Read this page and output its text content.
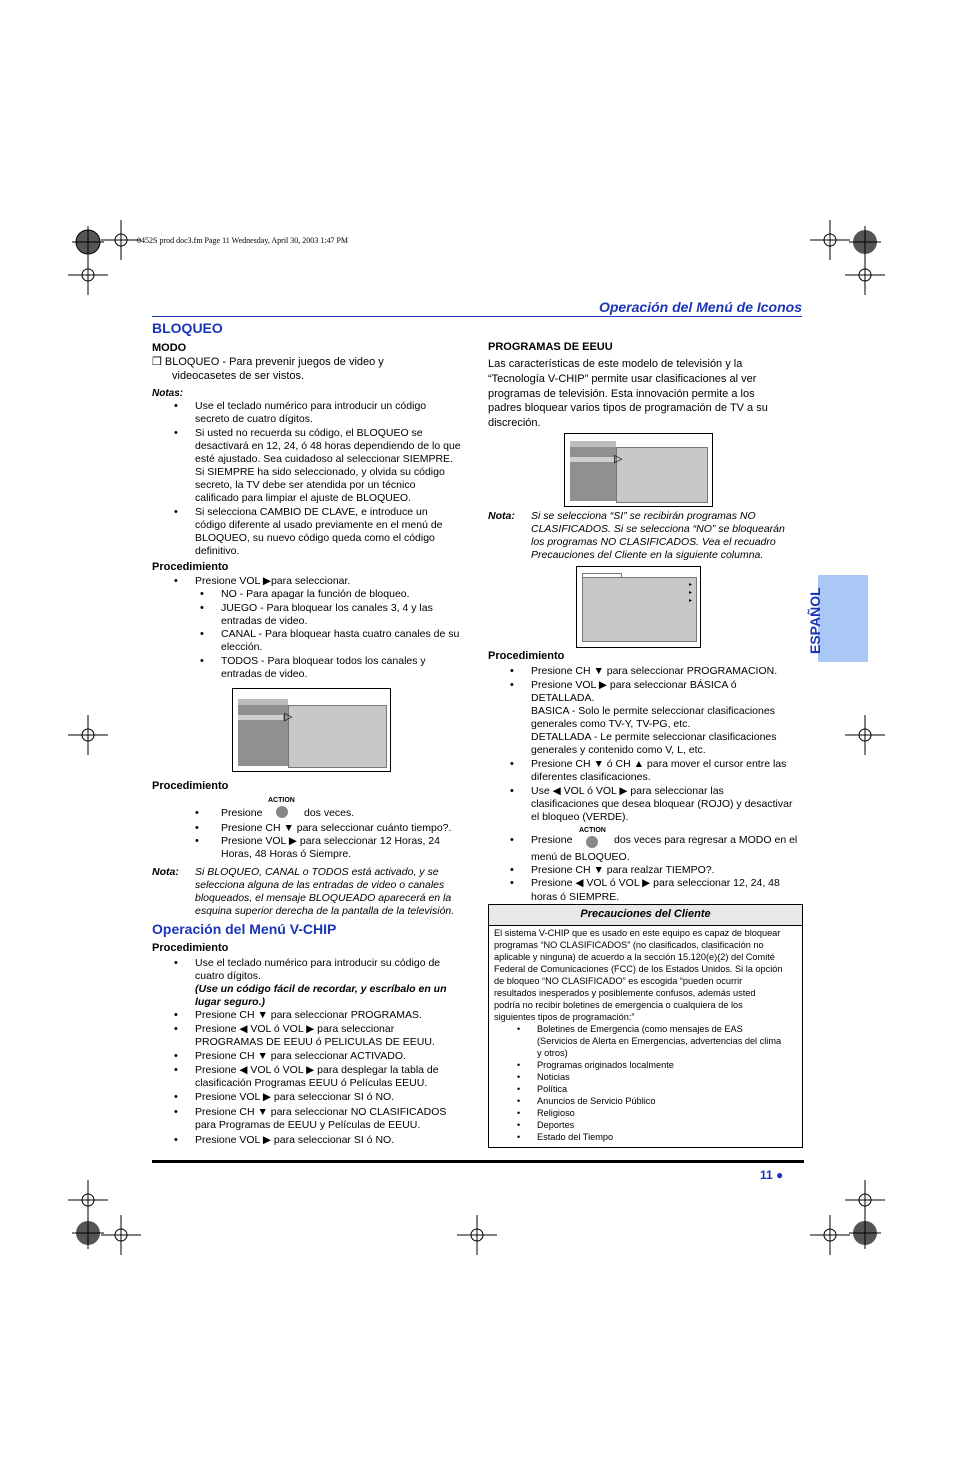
0452S prod doc3.fm Page 11 Wednesday, April 30, 2003 1:47 PM
Operación del Menú de Iconos
ESPAÑOL
BLOQUEO
MODO
❒ BLOQUEO - Para prevenir juegos de video y
videocasetes de ser vistos.
Notas:
• Use el teclado numérico para introducir un código
secreto de cuatro dígitos.
• Si usted no recuerda su código, el BLOQUEO se
desactivará en 12, 24, ó 48 horas dependiendo de lo que
esté ajustado. Sea cuidadoso al seleccionar SIEMPRE.
Si SIEMPRE ha sido seleccionado, y olvida su código
secreto, la TV debe ser atendida por un técnico
calificado para limpiar el ajuste de BLOQUEO.
• Si selecciona CAMBIO DE CLAVE, e introduce un
código diferente al usado previamente en el menú de
BLOQUEO, su nuevo código queda como el código
definitivo.
Procedimiento
• Presione VOL ▶para seleccionar.
• NO - Para apagar la función de bloqueo.
• JUEGO - Para bloquear los canales 3, 4 y las
entradas de video.
• CANAL - Para bloquear hasta cuatro canales de su
elección.
• TODOS - Para bloquear todos los canales y
entradas de video.
▷
Procedimiento
ACTION
• Presione	dos veces.
• Presione CH ▼ para seleccionar cuánto tiempo?.
• Presione VOL ▶ para seleccionar 12 Horas, 24
Horas, 48 Horas ó Siempre.
Nota: Si BLOQUEO, CANAL o TODOS está activado, y se
selecciona alguna de las entradas de video o canales
bloqueados, el mensaje BLOQUEADO aparecerá en la
esquina superior derecha de la pantalla de la televisión.
Operación del Menú V-CHIP
Procedimiento
• Use el teclado numérico para introducir su código de
cuatro dígitos.
(Use un código fácil de recordar, y escríbalo en un
lugar seguro.)
• Presione CH ▼ para seleccionar PROGRAMAS.
• Presione ◀ VOL ó VOL ▶ para seleccionar
PROGRAMAS DE EEUU ó PELICULAS DE EEUU.
• Presione CH ▼ para seleccionar ACTIVADO.
• Presione ◀ VOL ó VOL ▶ para desplegar la tabla de
clasificación Programas EEUU ó Películas EEUU.
• Presione VOL ▶ para seleccionar SI ó NO.
• Presione CH ▼ para seleccionar NO CLASIFICADOS
para Programas de EEUU y Películas de EEUU.
• Presione VOL ▶ para seleccionar SI ó NO.
PROGRAMAS DE EEUU
Las características de este modelo de televisión y la
“Tecnología V-CHIP” permite usar clasificaciones al ver
programas de televisión. Esta innovación permite a los
padres bloquear varios tipos de programación de TV a su
discreción.
▷
Nota: Si se selecciona “SI” se recibirán programas NO
CLASIFICADOS. Si se selecciona “NO” se bloquearán
los programas NO CLASIFICADOS. Vea el recuadro
Precauciones del Cliente en la siguiente columna.
▸
▸
▸
Procedimiento
• Presione CH ▼ para seleccionar PROGRAMACION.
• Presione VOL ▶ para seleccionar BÁSICA ó
DETALLADA.
BASICA - Solo le permite seleccionar clasificaciones
generales como TV-Y, TV-PG, etc.
DETALLADA - Le permite seleccionar clasificaciones
generales y contenido como V, L, etc.
• Presione CH ▼ ó CH ▲ para mover el cursor entre las
diferentes clasificaciones.
• Use ◀ VOL ó VOL ▶ para seleccionar las
clasificaciones que desea bloquear (ROJO) y desactivar
el bloqueo (VERDE).
ACTION
• Presione	dos veces para regresar a MODO en el
menú de BLOQUEO.
• Presione CH ▼ para realzar TIEMPO?.
• Presione ◀ VOL ó VOL ▶ para seleccionar 12, 24, 48
horas ó SIEMPRE.
Precauciones del Cliente
El sistema V-CHIP que es usado en este equipo es capaz de bloquear
programas “NO CLASIFICADOS” (no clasificados, clasificación no
aplicable y ninguna) de acuerdo a la sección 15.120(e)(2) del Comité
Federal de Comunicaciones (FCC) de los Estados Unidos. Si la opción
de bloqueo “NO CLASIFICADO” es escogida “pueden ocurrir
resultados inesperados y posiblemente confusos, además usted
podría no recibir boletines de emergencia o cualquiera de los
siguientes tipos de programación:”
• Boletines de Emergencia (como mensajes de EAS
(Servicios de Alerta en Emergencias, advertencias del clima
y otros)
• Programas originados localmente
• Noticias
• Política
• Anuncios de Servicio Público
• Religioso
• Deportes
• Estado del Tiempo
11 ●
